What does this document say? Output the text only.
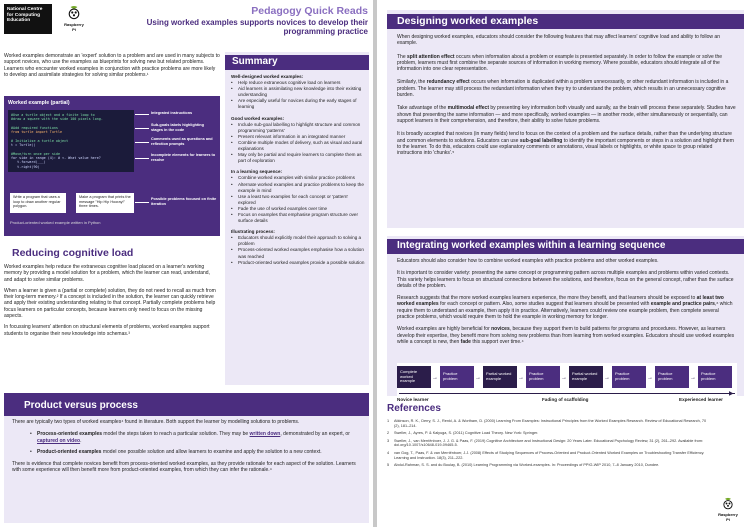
National Centre for Computing Education
Raspberry Pi
Pedagogy Quick Reads
Using worked examples supports novices to develop their programming practice
Worked examples demonstrate an 'expert' solution to a problem and are used in many subjects to support novices, who use the examples as blueprints for solving new but related problems. Learners who encounter worked examples in conjunction with practice problems are more likely to develop and assimilate strategies for solving similar problems.¹
Worked example (partial)
#Use a turtle object and a finite loop to
#draw a square with the side 100 pixels long.

#Add required functions
from turtle import Turtle

# Initialise a turtle object
t = Turtle()

#Move/turn once per side
for side in range (4): # <- What value here?
t.forward(___)
t.right(90)
Integrated instructions
Sub-goals labels highlighting stages in the code
Comments used as questions and reflection prompts
Incomplete elements for learners to resolve
Write a program that uses a loop to draw another regular polygon.
Make a program that prints the message "Hip Hip Hooray!" three times.
Possible problems focused on finite iteration
Product-oriented worked example written in Python
Reducing cognitive load

Worked examples help reduce the extraneous cognitive load placed on a learner's working memory by providing a model solution for a problem, which the learner can read, understand, and adapt to solve similar problems.

When a learner is given a (partial or complete) solution, they do not need to recall as much from their long-term memory.² If a concept is included in the solution, the learner can quickly retrieve and apply their existing understanding relating to that concept. Partially complete problems help focus learners on particular concepts, because learners only need to focus on the missing aspects.

In focussing learners' attention on structural elements of problems, worked examples support students to organise their new knowledge into schemas.³

Summary
Well-designed worked examples:
• Help reduce extraneous cognitive load on learners
• Aid learners in assimilating new knowledge into their existing understanding
• Are especially useful for novices during the early stages of learning
Good worked examples:
• Include sub-goal labelling to highlight structure and common programming 'patterns'
• Present relevant information in an integrated manner
• Combine multiple modes of delivery, such as visual and aural explanations
• May only be partial and require learners to complete them as part of exploration
In a learning sequence:
• Combine worked examples with similar practice problems
• Alternate worked examples and practice problems to keep the example in mind
• Use a least two examples for each concept or 'pattern' explored
• Fade the use of worked examples over time
• Focus on examples that emphasise program structure over surface details
Illustrating process:
• Educators should explicitly model their approach to solving a problem
• Process-oriented worked examples emphasise how a solution was reached
• Product-oriented worked examples provide a possible solution
Product versus process

There are typically two types of worked examples⁴ found in literature. Both support the learner by modelling solutions to problems.

• Process-oriented examples model the steps taken to reach a particular solution. They may be written down, demonstrated by an expert, or captured on video.
• Product-oriented examples model one possible solution and allow learners to examine and apply the solution to a new context.

There is evidence that complete novices benefit from process-oriented worked examples, as they provide rationale for each aspect of the solution. Learners with some experience will then benefit more from product-oriented examples, from which they can infer the rationale.⁴

Designing worked examples

When designing worked examples, educators should consider the following features that may affect learners' cognitive load and ability to follow an example.

The split attention effect occurs when information about a problem or example is presented separately. In order to follow the example or solve the problem, learners must first combine the separate sources of information in working memory. Where possible, educators should integrate all of the information into one clear representation.

Similarly, the redundancy effect occurs when information is duplicated within a problem unnecessarily, or other redundant information is included in a problem. The learner may still process the redundant information when they try to understand the problem, which results in an unnecessary cognitive burden.

Take advantage of the multimodal effect by presenting key information both visually and aurally, as the brain will process these separately. Studies have shown that presenting the same information — and more specifically, worked examples — in another mode, either simultaneously or sequentially, can support learners in their comprehension, and therefore, their ability to solve future problems.

It is broadly accepted that novices (in many fields) tend to focus on the context of a problem and the surface details, rather than the underlying structure and common elements to solutions. Educators can use sub-goal labelling to identify the important components or steps in a solution and highlight them to the learner. To do this, educators could use explanatory comments or annotations, visual labels or highlights, or white space to group related instructions into 'chunks'.⁵

Integrating worked examples within a learning sequence

Educators should also consider how to combine worked examples with practice problems and other worked examples.

It is important to consider variety: presenting the same concept or programming pattern across multiple examples and problems within varied contexts. This variety helps learners to focus on structural connections between the solutions, and therefore, focus on the general concept, rather than the surface details of the problem.

Research suggests that the more worked examples learners experience, the more they benefit, and that learners should be exposed to at least two worked examples for each concept or pattern. Also, some studies suggest that learners should be presented with example and practice pairs,⁶ which require them to understand an example, then apply it in practice. Alternatively, learners could review one example problem, then complete several practice problems, which would require them to hold the example in working memory for longer.

Worked examples are highly beneficial for novices, because they support them to build patterns for programs and procedures. However, as learners develop their expertise, they benefit more from solving new problems than from learning from worked examples. Educators should use worked examples while a concept is new, then fade this support over time.⁴

Complete worked example	→
Practice problem	→
Partial worked example	→
Practice problem	→
Partial worked example	→
Practice problem	→
Practice problem	→
Practice problem
▶
Novice learner	Fading of scaffolding	Experienced learner
References
1 Atkinson, R. K., Derry, S. J., Renkl, A. & Wortham, D. (2000) Learning From Examples: Instructional Principles from the Worked Examples Research. Review of Educational Research, 70 (2), 181–214.
2 Sweller, J., Ayres, P. & Kalyuga, S. (2011) Cognitive Load Theory. New York: Springer.
3 Sweller, J., van Merriënboer, J. J. G. & Paas, F. (2019) Cognitive Architecture and Instructional Design: 20 Years Later. Educational Psychology Review, 31 (2), 261–292. Available from: doi.org/10.1007/s10648-019-09465-5.
4 van Gog, T., Paas, F. & van Merriënboer, J.J. (2008) Effects of Studying Sequences of Process-Oriented and Product-Oriented Worked Examples on Troubleshooting Transfer Efficiency. Learning and Instruction. 18(3), 211–222.
5 Abdul-Rahman, S. S. and du Boulay, B. (2010) Learning Programming via Worked-examples. In: Proceedings of PPIG-WIP 2010, 7–8 January 2010, Dundee.
Raspberry Pi
